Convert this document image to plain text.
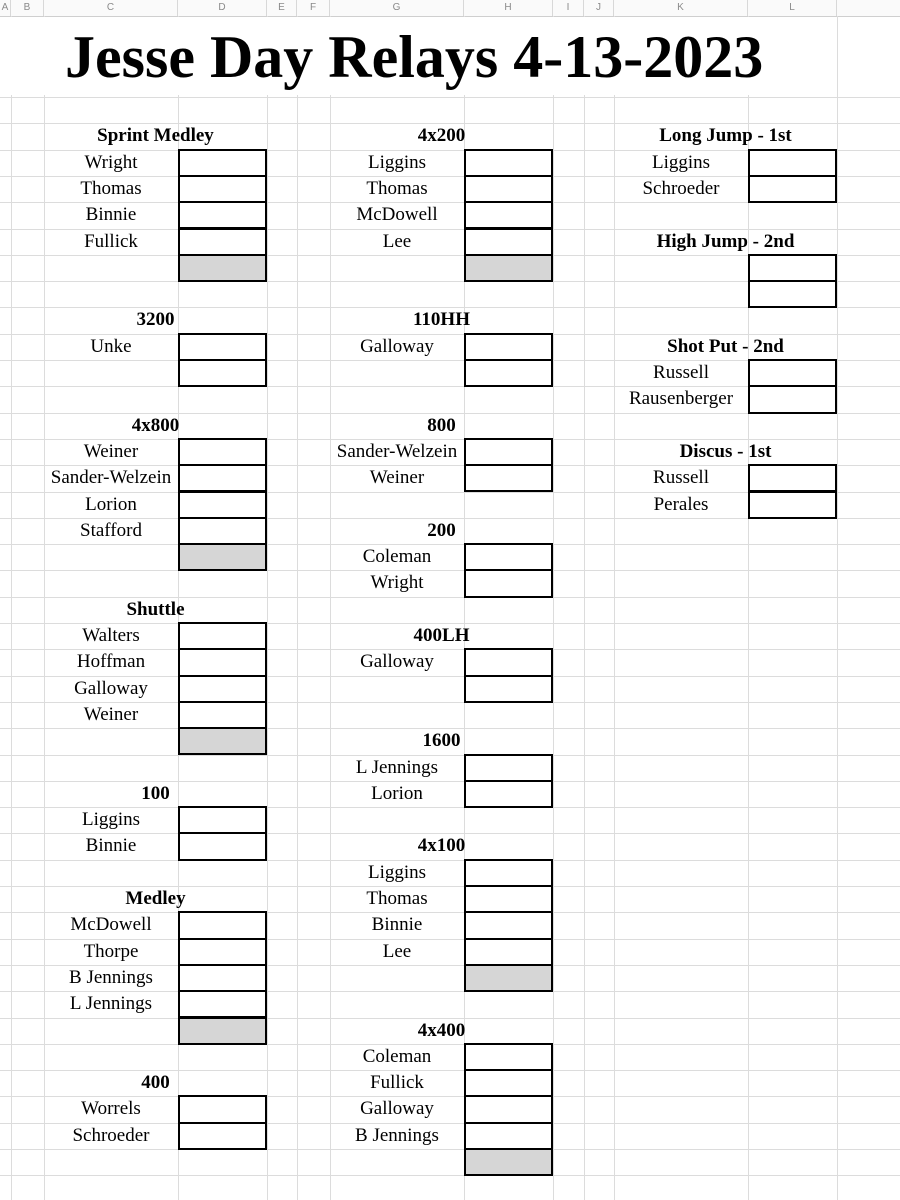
A	B	C	D	E	F	G	H	I	J	K	L
Jesse Day Relays 4-13-2023
Sprint Medley
Wright
Thomas
Binnie
Fullick
3200
Unke
4x800
Weiner
Sander-Welzein
Lorion
Stafford
Shuttle
Walters
Hoffman
Galloway
Weiner
100
Liggins
Binnie
Medley
McDowell
Thorpe
B Jennings
L Jennings
400
Worrels
Schroeder
4x200
Liggins
Thomas
McDowell
Lee
110HH
Galloway
800
Sander-Welzein
Weiner
200
Coleman
Wright
400LH
Galloway
1600
L Jennings
Lorion
4x100
Liggins
Thomas
Binnie
Lee
4x400
Coleman
Fullick
Galloway
B Jennings
Long Jump - 1st
Liggins
Schroeder
High Jump - 2nd
Shot Put - 2nd
Russell
Rausenberger
Discus - 1st
Russell
Perales
